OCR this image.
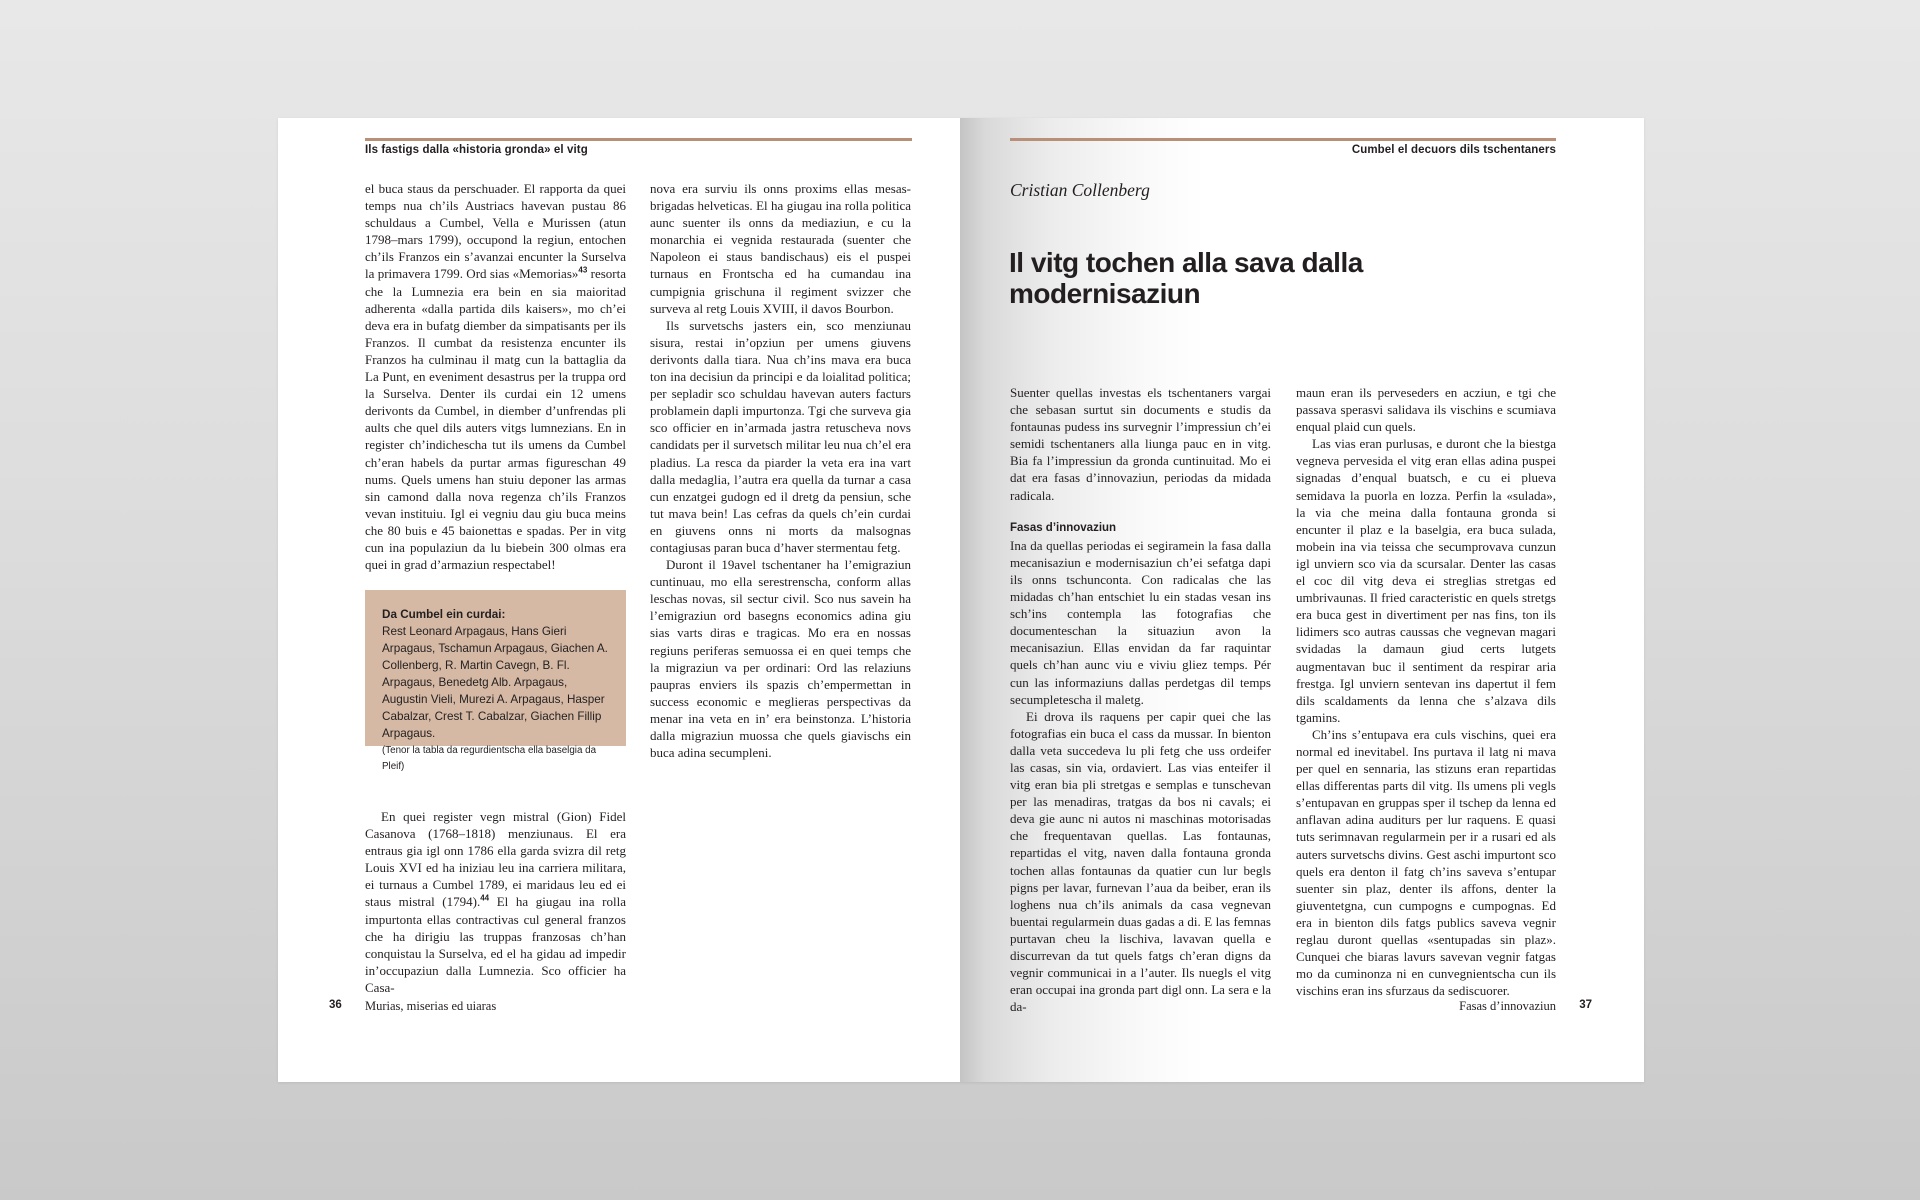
Ils fastigs dalla «historia gronda» el vitg

el buca staus da perschuader. El rapporta da quei temps nua ch’ils Austriacs havevan pustau 86 schuldaus a Cumbel, Vella e Murissen (atun 1798–mars 1799), occupond la regiun, entochen ch’ils Franzos ein s’avanzai encunter la Surselva la primavera 1799. Ord sias «Memorias»$^{43}$ resorta che la Lumnezia era bein en sia maioritad adherenta «dalla partida dils kaisers», mo ch’ei deva era in bufatg diember da simpatisants per ils Franzos. Il cumbat da resistenza encunter ils Franzos ha culminau il matg cun la battaglia da La Punt, en eveniment desastrus per la truppa ord la Surselva. Denter ils curdai ein 12 umens derivonts da Cumbel, in diember d’unfrendas pli aults che quel dils auters vitgs lumnezians. En in register ch’indicheschа tut ils umens da Cumbel ch’eran habels da purtar armas figureschan 49 nums. Quels umens han stuiu deponer las armas sin camond dalla nova regenza ch’ils Franzos vevan instituiu. Igl ei vegniu dau giu buca meins che 80 buis e 45 baionettas e spadas. Per in vitg cun ina populaziun da lu biebein 300 olmas era quei in grad d’armaziun respectabel!

Da Cumbel ein curdai:
Rest Leonard Arpagaus, Hans Gieri Arpagaus, Tschamun Arpagaus, Giachen A. Collenberg, R. Martin Cavegn, B. Fl. Arpagaus, Benedetg Alb. Arpagaus, Augustin Vieli, Murezi A. Arpagaus, Hasper Cabalzar, Crest T. Cabalzar, Giachen Fillip Arpagaus.
(Tenor la tabla da regurdientscha ella baselgia da Pleif)

En quei register vegn mistral (Gion) Fidel Casanova (1768–1818) menziunaus. El era entraus gia igl onn 1786 ella garda svizra dil retg Louis XVI ed ha iniziau leu ina carriera militara, ei turnaus a Cumbel 1789, ei maridaus leu ed ei staus mistral (1794).$^{44}$ El ha giugau ina rolla impurtonta ellas contractivas cul general franzos che ha dirigiu las truppas franzosas ch’han conquistau la Surselva, ed el ha gidau ad impedir in’occupaziun dalla Lumnezia. Sco officier ha Casa-

nova era surviu ils onns proxims ellas mesas-brigadas helveticas. El ha giugau ina rolla politica aunc suenter ils onns da mediaziun, e cu la monarchia ei vegnida restaurada (suenter che Napoleon ei staus bandischaus) eis el puspei turnaus en Frontscha ed ha cumandau ina cumpignia grischuna il regiment svizzer che surveva al retg Louis XVIII, il davos Bourbon.

Ils survetschs jasters ein, sco menziunau sisura, restai in’opziun per umens giuvens derivonts dalla tiara. Nua ch’ins mava era buca ton ina decisiun da principi e da loialitad politica; per sepladir sco schuldau havevan auters facturs problamein dapli impurtonza. Tgi che surveva gia sco officier en in’armada jastra retuscheva novs candidats per il survetsch militar leu nua ch’el era pladius. La resca da piarder la veta era ina vart dalla medaglia, l’autra era quella da turnar a casa cun enzatgei gudogn ed il dretg da pensiun, sche tut mava bein! Las cefras da quels ch’ein curdai en giuvens onns ni morts da malsognas contagiusas paran buca d’haver stermentau fetg.

Duront il 19avel tschentaner ha l’emigraziun cuntinuau, mo ella serestrenscha, conform allas leschas novas, sil sectur civil. Sco nus savein ha l’emigraziun ord basegns economics adina giu sias varts diras e tragicas. Mo era en nossas regiuns periferas semuossa ei en quei temps che la migraziun va per ordinari: Ord las relaziuns paupras enviers ils spazis ch’empermettan in success economic e meglieras perspectivas da menar ina veta en in’ era beinstonza. L’historia dalla migraziun muossa che quels giavischs ein buca adina secumpleni.

36 Murias, miserias ed uiaras
Cumbel el decuors dils tschentaners
Cristian Collenberg
Il vitg tochen alla sava dalla modernisaziun

Suenter quellas investas els tschentaners vargai che sebasan surtut sin documents e studis da fontaunas pudess ins survegnir l’impressiun ch’ei semidi tschentaners alla liunga pauc en in vitg. Bia fa l’impressiun da gronda cuntinuitad. Mo ei dat era fasas d’innovaziun, periodas da midada radicala.

Fasas d’innovaziun

Ina da quellas periodas ei segiramein la fasa dalla mecanisaziun e modernisaziun ch’ei sefatga dapi ils onns tschunconta. Con radicalas che las midadas ch’han entschiet lu ein stadas vesan ins sch’ins contempla las fotografias che documenteschan la situaziun avon la mecanisaziun. Ellas envidan da far raquintar quels ch’han aunc viu e viviu gliez temps. Pér cun las informaziuns dallas perdetgas dil temps secumpletescha il maletg.

Ei drova ils raquens per capir quei che las fotografias ein buca el cass da mussar. In bienton dalla veta succedeva lu pli fetg che uss ordeifer las casas, sin via, ordaviert. Las vias enteifer il vitg eran bia pli stretgas e semplas e tunschevan per las menadiras, tratgas da bos ni cavals; ei deva gie aunc ni autos ni maschinas motorisadas che frequentavan quellas. Las fontaunas, repartidas el vitg, naven dalla fontauna gronda tochen allas fontaunas da quatier cun lur begls pigns per lavar, furnevan l’aua da beiber, eran ils loghens nua ch’ils animals da casa vegnevan buentai regularmein duas gadas a di. E las femnas purtavan cheu la lischiva, lavavan quella e discurrevan da tut quels fatgs ch’eran digns da vegnir communicai in a l’auter. Ils nuegls el vitg eran occupai ina gronda part digl onn. La sera e la da-

maun eran ils perveseders en acziun, e tgi che passava sperasvi salidava ils vischins e scumiava enqual plaid cun quels.

Las vias eran purlusas, e duront che la biestga vegneva pervesida el vitg eran ellas adina puspei signadas d’enqual buatsch, e cu ei plueva semidava la puorla en lozza. Perfin la «sulada», la via che meina dalla fontauna gronda si encunter il plaz e la baselgia, era buca sulada, mobein ina via teissa che secumprovava cunzun igl unviern sco via da scursalar. Denter las casas el coc dil vitg deva ei streglias stretgas ed umbrivaunas. Il fried caracteristic en quels stretgs era buca gest in divertiment per nas fins, ton ils lidimers sco autras caussas che vegnevan magari svidadas la damaun giud certs lutgets augmentavan buc il sentiment da respirar aria frestga. Igl unviern sentevan ins dapertut il fem dils scaldaments da lenna che s’alzava dils tgamins.

Ch’ins s’entupava era culs vischins, quei era normal ed inevitabel. Ins purtava il latg ni mava per quel en sennaria, las stizuns eran repartidas ellas differentas parts dil vitg. Ils umens pli vegls s’entupavan en gruppas sper il tschep da lenna ed anflavan adina auditurs per lur raquens. E quasi tuts serimnavan regularmein per ir a rusari ed als auters survetschs divins. Gest aschi impurtont sco quels era denton il fatg ch’ins saveva s’entupar suenter sin plaz, denter ils affons, denter la giuventetgna, cun cumpogns e cumpognas. Ed era in bienton dils fatgs publics saveva vegnir reglau duront quellas «sentupadas sin plaz». Cunquei che biaras lavurs savevan vegnir fatgas mo da cuminonza ni en cunvegnientscha cun ils vischins eran ins sfurzaus da sediscuorer.

Fasas d’innovaziun 37
